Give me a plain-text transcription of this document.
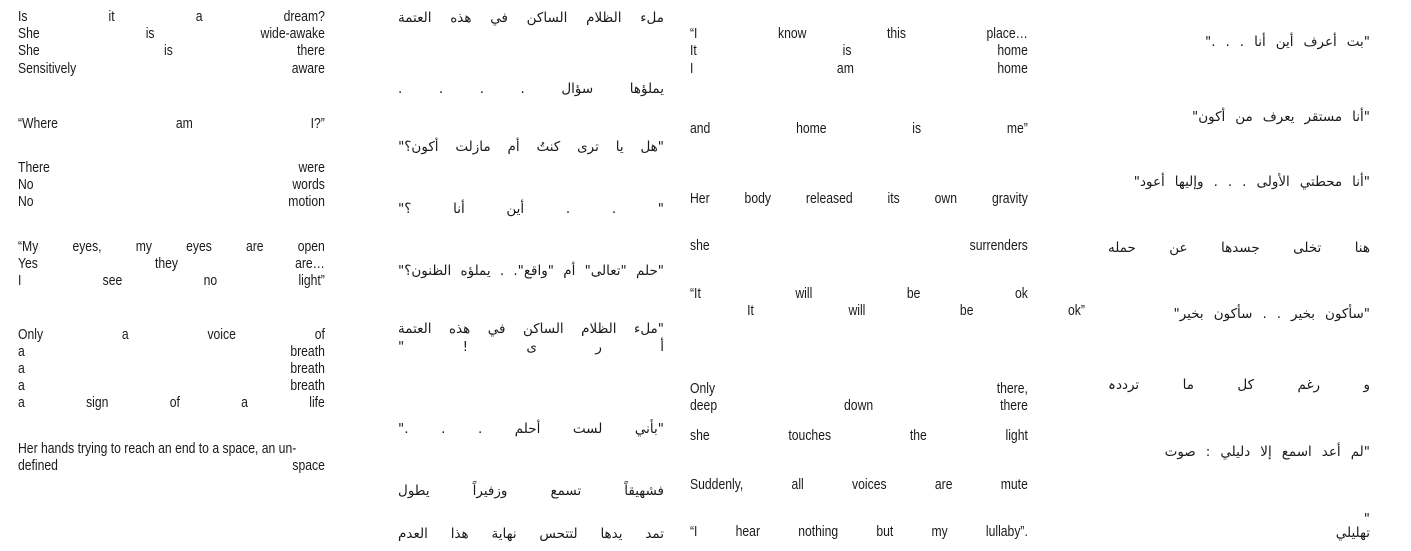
Is	it	a	dream?
She	is	wide-awake
She	is	there
Sensitively	aware
“Where	am	I?”
There	were
No	words
No	motion
“My eyes, my eyes are open
Yes	they	are…
I	see	no	light”
Only	a	voice	of
a	breath
a	breath
a	breath
a	sign	of	a	life
Her hands trying to reach an end to a space, an un-
defined	space
ملء
الظلام
الساكن
في
هذه
العتمة
يملؤها
سؤال
.
.
.
.
"هل
يا
ترى
كنتُ
أم
مازلت
أكون؟"
"
.
.
أين
أنا
؟"
"حلم
"تعالى"
أم
"واقع".
.
يملؤه
الظنون؟"
"ملء
الظلام
الساكن
في
هذه
العتمة
أ
ر
ى
!
"
"بأني
لست
أحلم
.
.
."
فشهيقاً
تسمع
وزفيراً
يطول
تمد
يدها
لتتحس
نهاية
هذا
العدم
“I	know	this	place…
It	is	home
I	am	home
and	home	is	me”
Her body released its own gravity
she	surrenders
“It	will	be	ok
It	will	be	ok”
Only	there,
deep	down	there
she	touches	the	light
Suddenly,	all	voices	are	mute
“I	hear	nothing	but	my	lullaby”.
"بت
أعرف
أين
أنا
.
.
."
"أنا
مستقر
يعرف
من
أكون"
"أنا
محطتي
الأولى
.
.
.
وإليها
أعود"
هنا
تخلى
جسدها
عن
حمله
"سأكون
بخير
.
.
سأكون
بخير"
و
رغم
كل
ما
ترددہ
"لم
أعد
اسمع
إلا
دليلي
:
صوت
"
تهليلي
